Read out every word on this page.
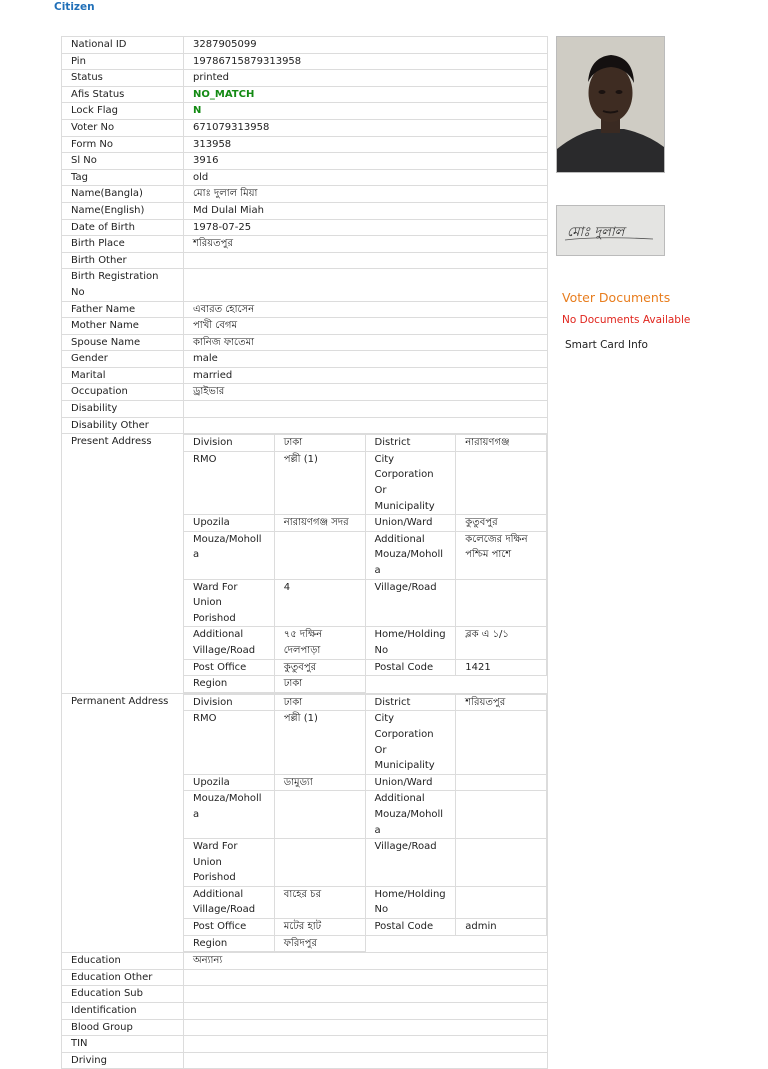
Citizen
National ID	3287905099
Pin	19786715879313958
Status	printed
Afis Status	NO_MATCH
Lock Flag	N
Voter No	671079313958
Form No	313958
Sl No	3916
Tag	old
Name(Bangla)	মোঃ দুলাল মিয়া
Name(English)	Md Dulal Miah
Date of Birth	1978-07-25
Birth Place	শরিয়তপুর
Birth Other	
Birth Registration No	
Father Name	এবারত হোসেন
Mother Name	পাখী বেগম
Spouse Name	কানিজ ফাতেমা
Gender	male
Marital	married
Occupation	ড্রাইভার
Disability	
Disability Other	
Present Address		Division	ঢাকা	District	নারায়ণগঞ্জ
RMO	পল্লী (1)	City Corporation Or Municipality	
Upozila	নারায়ণগঞ্জ সদর	Union/Ward	কুতুবপুর
Mouza/Moholla		Additional Mouza/Moholla	কলেজের দক্ষিন পশ্চিম পাশে
Ward For Union Porishod	4	Village/Road	
Additional Village/Road	৭৫ দক্ষিন দেলপাড়া	Home/Holding No	ব্লক এ ১/১
Post Office	কুতুবপুর	Postal Code	1421
Region	ঢাকা	

Permanent Address	Division	ঢাকা	District	শরিয়তপুর
RMO	পল্লী (1)	City Corporation Or Municipality	
Upozila	ডামুড্যা	Union/Ward	
Mouza/Moholla		Additional Mouza/Moholla	
Ward For Union Porishod		Village/Road	
Additional Village/Road	বাহের চর	Home/Holding No	
Post Office	মটের হাট	Postal Code	admin
Region	ফরিদপুর	

Education	অন্যান্য
Education Other	
Education Sub	
Identification	
Blood Group	
TIN	
Driving	
মোঃ দুলাল
Voter Documents
No Documents Available
Smart Card Info
